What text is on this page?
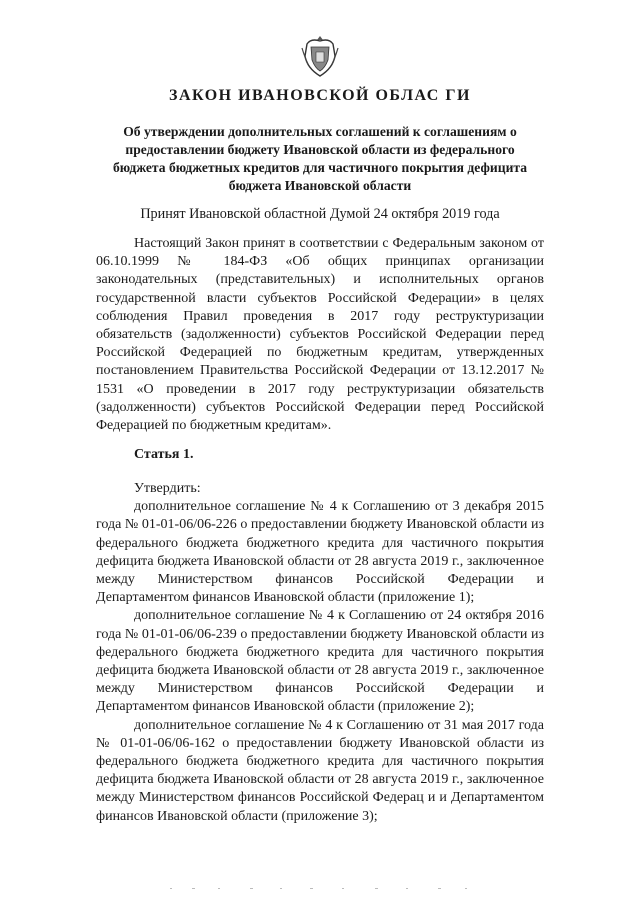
ЗАКОН ИВАНОВСКОЙ ОБЛАС ГИ
Об утверждении дополнительных соглашений к соглашениям о предоставлении бюджету Ивановской области из федерального бюджета бюджетных кредитов для частичного покрытия дефицита бюджета Ивановской области
Принят Ивановской областной Думой 24 октября 2019 года

Настоящий Закон принят в соответствии с Федеральным законом от 06.10.1999 № 184-ФЗ «Об общих принципах организации законодательных (представительных) и исполнительных органов государственной власти субъектов Российской Федерации» в целях соблюдения Правил проведения в 2017 году реструктуризации обязательств (задолженности) субъектов Российской Федерации перед Российской Федерацией по бюджетным кредитам, утвержденных постановлением Правительства Российской Федерации от 13.12.2017 № 1531 «О проведении в 2017 году реструктуризации обязательств (задолженности) субъектов Российской Федерации перед Российской Федерацией по бюджетным кредитам».

Статья 1.

Утвердить:

дополнительное соглашение № 4 к Соглашению от 3 декабря 2015 года № 01-01-06/06-226 о предоставлении бюджету Ивановской области из федерального бюджета бюджетного кредита для частичного покрытия дефицита бюджета Ивановской области от 28 августа 2019 г., заключенное между Министерством финансов Российской Федерации и Департаментом финансов Ивановской области (приложение 1);

дополнительное соглашение № 4 к Соглашению от 24 октября 2016 года № 01-01-06/06-239 о предоставлении бюджету Ивановской области из федерального бюджета бюджетного кредита для частичного покрытия дефицита бюджета Ивановской области от 28 августа 2019 г., заключенное между Министерством финансов Российской Федерации и Департаментом финансов Ивановской области (приложение 2);

дополнительное соглашение № 4 к Соглашению от 31 мая 2017 года № 01-01-06/06-162 о предоставлении бюджету Ивановской области из федерального бюджета бюджетного кредита для частичного покрытия дефицита бюджета Ивановской области от 28 августа 2019 г., заключенное между Министерством финансов Российской Федерац и и Департаментом финансов Ивановской области (приложение 3);
